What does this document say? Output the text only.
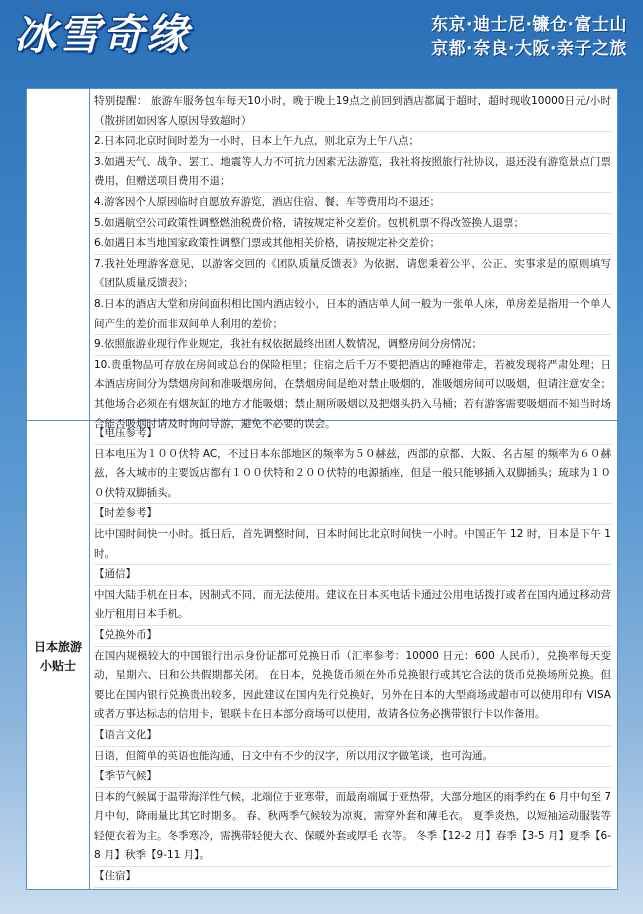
冰雪奇缘	东京·迪士尼·镰仓·富士山
京都·奈良·大阪·亲子之旅

特别提醒： 旅游车服务包车每天10小时，晚于晚上19点之前回到酒店都属于超时，超时现收10000日元/小时（散拼团如因客人原因导致超时）

2.日本同北京时间时差为一小时，日本上午九点，则北京为上午八点；

3.如遇天气、战争、罢工、地震等人力不可抗力因素无法游览，我社将按照旅行社协议，退还没有游览景点门票费用，但赠送项目费用不退；

4.游客因个人原因临时自愿放弃游览，酒店住宿、餐、车等费用均不退还；

5.如遇航空公司政策性调整燃油税费价格，请按规定补交差价。包机机票不得改签换人退票；

6.如遇日本当地国家政策性调整门票或其他相关价格，请按规定补交差价；

7.我社处理游客意见，以游客交回的《团队质量反馈表》为依据，请您秉着公平、公正、实事求是的原则填写《团队质量反馈表》；

8.日本的酒店大堂和房间面积相比国内酒店较小，日本的酒店单人间一般为一张单人床，单房差是指用一个单人间产生的差价而非双间单人利用的差价；

9.依照旅游业现行作业规定，我社有权依据最终出团人数情况，调整房间分房情况；

10.贵重物品可存放在房间或总台的保险柜里；住宿之后千万不要把酒店的睡袍带走，若被发现将严肃处理；日本酒店房间分为禁烟房间和准吸烟房间，在禁烟房间是绝对禁止吸烟的，准吸烟房间可以吸烟，但请注意安全；其他场合必须在有烟灰缸的地方才能吸烟；禁止厕所吸烟以及把烟头扔入马桶；若有游客需要吸烟而不知当时场合能否吸烟时请及时询问导游，避免不必要的误会。

日本旅游小贴士

【电压参考】

日本电压为１００伏特 AC，不过日本东部地区的频率为５０赫兹，西部的京都、大阪、名古屋 的频率为６０赫兹，各大城市的主要饭店都有１００伏特和２００伏特的电源插座，但是一般只能够插入双脚插头；琉球为１００伏特双脚插头。

【时差参考】

比中国时间快一小时。抵日后，首先调整时间，日本时间比北京时间快一小时。中国正午 12 时，日本是下午 1 时。

【通信】

中国大陆手机在日本，因制式不同，而无法使用。建议在日本买电话卡通过公用电话拨打或者在国内通过移动营业厅租用日本手机。

【兑换外币】

在国内规模较大的中国银行出示身份证都可兑换日币（汇率参考：10000 日元：600 人民币），兑换率每天变动，星期六、日和公共假期都关闭。 在日本，兑换货币须在外币兑换银行或其它合法的货币兑换场所兑换。但要比在国内银行兑换贵出较多，因此建议在国内先行兑换好，另外在日本的大型商场或超市可以使用印有 VISA 或者万事达标志的信用卡，银联卡在日本部分商场可以使用，故请各位务必携带银行卡以作备用。

【语言文化】

日语，但简单的英语也能沟通，日文中有不少的汉字，所以用汉字做笔谈，也可沟通。

【季节气候】

日本的气候属于温带海洋性气候，北端位于亚寒带，而最南端属于亚热带，大部分地区的雨季约在 6 月中旬至 7 月中旬，降雨量比其它时期多。 春、秋两季气候较为凉爽，需穿外套和薄毛衣。 夏季炎热，以短袖运动服装等 轻便衣着为主。冬季寒冷，需携带轻便大衣、保暖外套或厚毛 衣等。 冬季【12-2 月】春季【3-5 月】夏季【6-8 月】秋季【9-11 月】。

【住宿】
